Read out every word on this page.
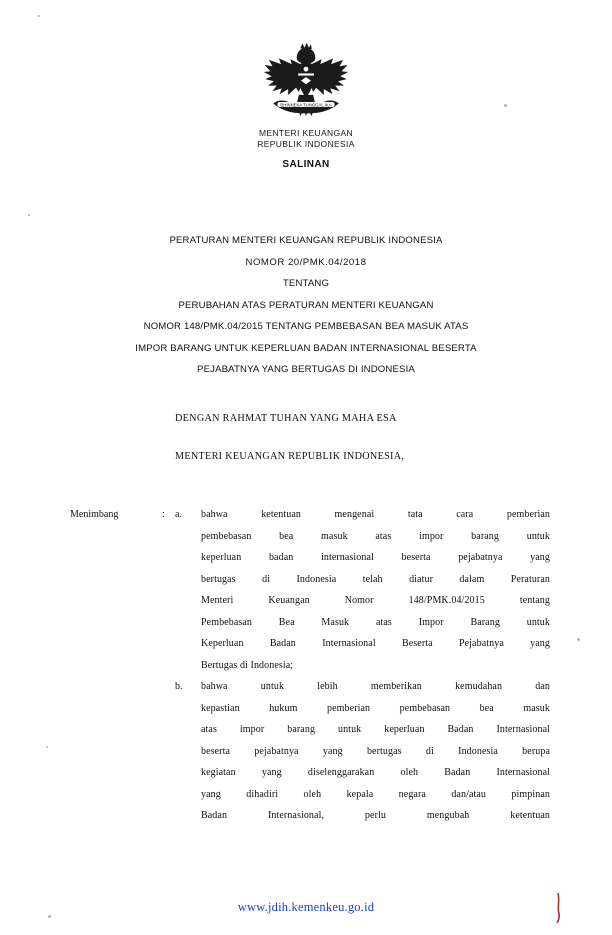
BHINNEKA TUNGGAL IKA
MENTERI KEUANGAN
REPUBLIK INDONESIA
SALINAN
PERATURAN MENTERI KEUANGAN REPUBLIK INDONESIA
NOMOR 20/PMK.04/2018
TENTANG
PERUBAHAN ATAS PERATURAN MENTERI KEUANGAN
NOMOR 148/PMK.04/2015 TENTANG PEMBEBASAN BEA MASUK ATAS
IMPOR BARANG UNTUK KEPERLUAN BADAN INTERNASIONAL BESERTA
PEJABATNYA YANG BERTUGAS DI INDONESIA
DENGAN RAHMAT TUHAN YANG MAHA ESA
MENTERI KEUANGAN REPUBLIK INDONESIA,
Menimbang	:	a.	bahwa ketentuan mengenai tata cara pemberian
pembebasan bea masuk atas impor barang untuk
keperluan badan internasional beserta pejabatnya yang
bertugas di Indonesia telah diatur dalam Peraturan
Menteri Keuangan Nomor 148/PMK.04/2015 tentang
Pembebasan Bea Masuk atas Impor Barang untuk
Keperluan Badan Internasional Beserta Pejabatnya yang
Bertugas di Indonesia;
b.	bahwa untuk lebih memberikan kemudahan dan
kepastian hukum pemberian pembebasan bea masuk
atas impor barang untuk keperluan Badan Internasional
beserta pejabatnya yang bertugas di Indonesia berupa
kegiatan yang diselenggarakan oleh Badan Internasional
yang dihadiri oleh kepala negara dan/atau pimpinan
Badan Internasional, perlu mengubah ketentuan
www.jdih.kemenkeu.go.id
